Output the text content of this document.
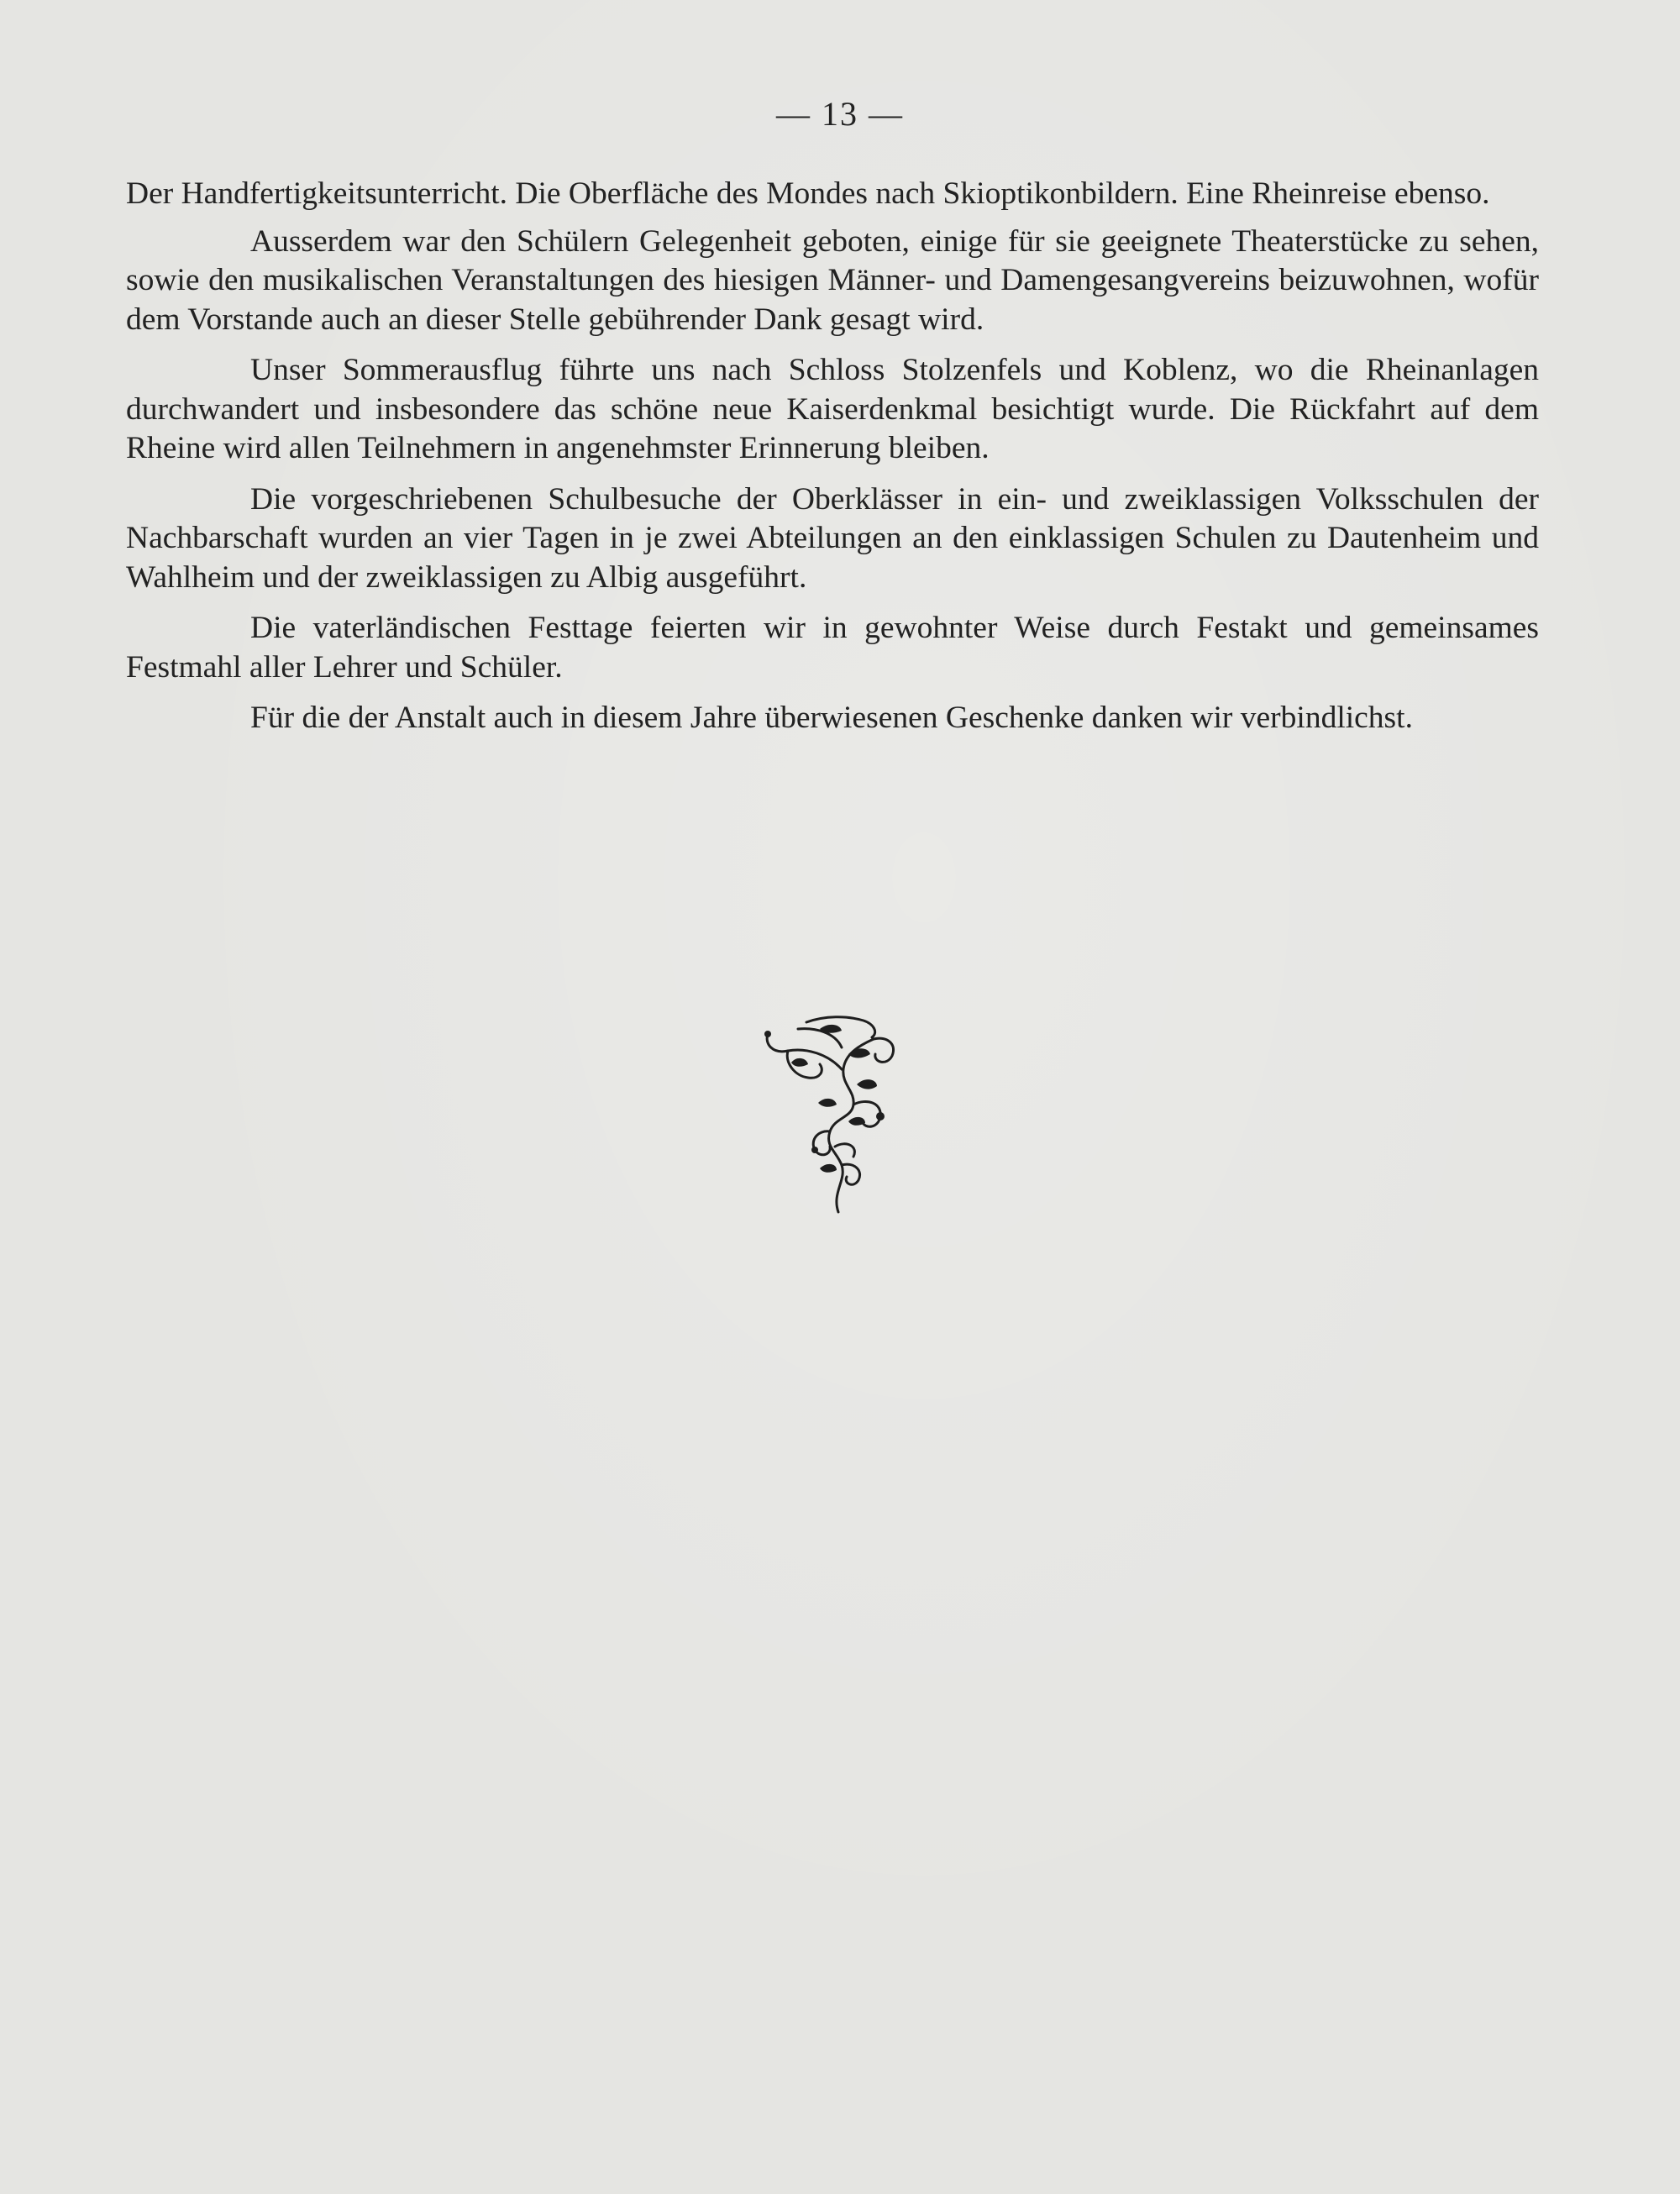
— 13 —

Der Handfertigkeitsunterricht. Die Oberfläche des Mondes nach Skioptikonbildern. Eine Rheinreise ebenso.

Ausserdem war den Schülern Gelegenheit geboten, einige für sie geeignete Theaterstücke zu sehen, sowie den musikalischen Veranstaltungen des hiesigen Männer- und Damengesangvereins beizuwohnen, wofür dem Vorstande auch an dieser Stelle gebührender Dank gesagt wird.

Unser Sommerausflug führte uns nach Schloss Stolzenfels und Koblenz, wo die Rheinanlagen durchwandert und insbesondere das schöne neue Kaiserdenkmal besichtigt wurde. Die Rückfahrt auf dem Rheine wird allen Teilnehmern in angenehmster Erinnerung bleiben.

Die vorgeschriebenen Schulbesuche der Oberklässer in ein- und zweiklassigen Volksschulen der Nachbarschaft wurden an vier Tagen in je zwei Abteilungen an den einklassigen Schulen zu Dautenheim und Wahlheim und der zweiklassigen zu Albig ausgeführt.

Die vaterländischen Festtage feierten wir in gewohnter Weise durch Festakt und gemeinsames Festmahl aller Lehrer und Schüler.

Für die der Anstalt auch in diesem Jahre überwiesenen Geschenke danken wir verbindlichst.
